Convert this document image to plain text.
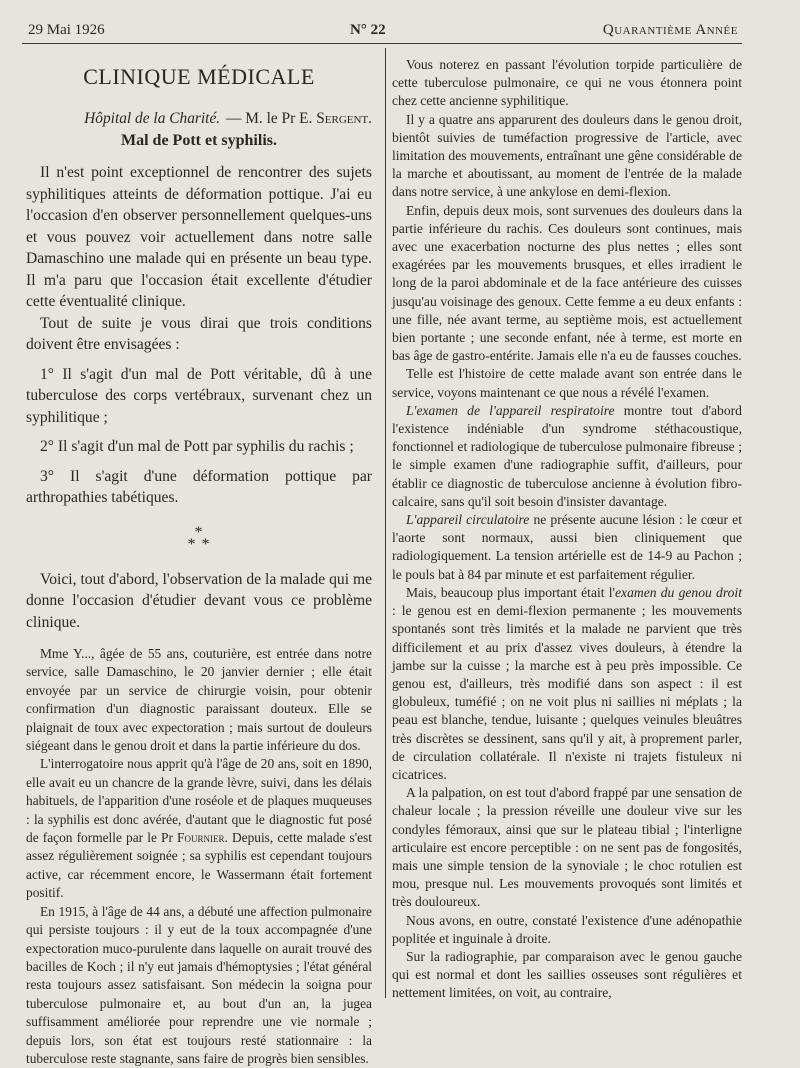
29 Mai 1926	N° 22	Quarantième Année
CLINIQUE MÉDICALE
Hôpital de la Charité. — M. le Pr E. Sergent.
Mal de Pott et syphilis.

Il n'est point exceptionnel de rencontrer des sujets syphilitiques atteints de déformation pottique. J'ai eu l'occasion d'en observer personnellement quelques-uns et vous pouvez voir actuellement dans notre salle Damaschino une malade qui en présente un beau type. Il m'a paru que l'occasion était excellente d'étudier cette éventualité clinique.

Tout de suite je vous dirai que trois conditions doivent être envisagées :

1° Il s'agit d'un mal de Pott véritable, dû à une tuberculose des corps vertébraux, survenant chez un syphilitique ;

2° Il s'agit d'un mal de Pott par syphilis du rachis ;

3° Il s'agit d'une déformation pottique par arthropathies tabétiques.

*
* *

Voici, tout d'abord, l'observation de la malade qui me donne l'occasion d'étudier devant vous ce problème clinique.

Mme Y..., âgée de 55 ans, couturière, est entrée dans notre service, salle Damaschino, le 20 janvier dernier ; elle était envoyée par un service de chirurgie voisin, pour obtenir confirmation d'un diagnostic paraissant douteux. Elle se plaignait de toux avec expectoration ; mais surtout de douleurs siégeant dans le genou droit et dans la partie inférieure du dos.

L'interrogatoire nous apprit qu'à l'âge de 20 ans, soit en 1890, elle avait eu un chancre de la grande lèvre, suivi, dans les délais habituels, de l'apparition d'une roséole et de plaques muqueuses : la syphilis est donc avérée, d'autant que le diagnostic fut posé de façon formelle par le Pr Fournier. Depuis, cette malade s'est assez régulièrement soignée ; sa syphilis est cependant toujours active, car récemment encore, le Wassermann était fortement positif.

En 1915, à l'âge de 44 ans, a débuté une affection pulmonaire qui persiste toujours : il y eut de la toux accompagnée d'une expectoration muco-purulente dans laquelle on aurait trouvé des bacilles de Koch ; il n'y eut jamais d'hémoptysies ; l'état général resta toujours assez satisfaisant. Son médecin la soigna pour tuberculose pulmonaire et, au bout d'un an, la jugea suffisamment améliorée pour reprendre une vie normale ; depuis lors, son état est toujours resté stationnaire : la tuberculose reste stagnante, sans faire de progrès bien sensibles.

Vous noterez en passant l'évolution torpide particulière de cette tuberculose pulmonaire, ce qui ne vous étonnera point chez cette ancienne syphilitique.

Il y a quatre ans apparurent des douleurs dans le genou droit, bientôt suivies de tuméfaction progressive de l'article, avec limitation des mouvements, entraînant une gêne considérable de la marche et aboutissant, au moment de l'entrée de la malade dans notre service, à une ankylose en demi-flexion.

Enfin, depuis deux mois, sont survenues des douleurs dans la partie inférieure du rachis. Ces douleurs sont continues, mais avec une exacerbation nocturne des plus nettes ; elles sont exagérées par les mouvements brusques, et elles irradient le long de la paroi abdominale et de la face antérieure des cuisses jusqu'au voisinage des genoux. Cette femme a eu deux enfants : une fille, née avant terme, au septième mois, est actuellement bien portante ; une seconde enfant, née à terme, est morte en bas âge de gastro-entérite. Jamais elle n'a eu de fausses couches.

Telle est l'histoire de cette malade avant son entrée dans le service, voyons maintenant ce que nous a révélé l'examen.

L'examen de l'appareil respiratoire montre tout d'abord l'existence indéniable d'un syndrome stéthacoustique, fonctionnel et radiologique de tuberculose pulmonaire fibreuse ; le simple examen d'une radiographie suffit, d'ailleurs, pour établir ce diagnostic de tuberculose ancienne à évolution fibro-calcaire, sans qu'il soit besoin d'insister davantage.

L'appareil circulatoire ne présente aucune lésion : le cœur et l'aorte sont normaux, aussi bien cliniquement que radiologiquement. La tension artérielle est de 14-9 au Pachon ; le pouls bat à 84 par minute et est parfaitement régulier.

Mais, beaucoup plus important était l'examen du genou droit : le genou est en demi-flexion permanente ; les mouvements spontanés sont très limités et la malade ne parvient que très difficilement et au prix d'assez vives douleurs, à étendre la jambe sur la cuisse ; la marche est à peu près impossible. Ce genou est, d'ailleurs, très modifié dans son aspect : il est globuleux, tuméfié ; on ne voit plus ni saillies ni méplats ; la peau est blanche, tendue, luisante ; quelques veinules bleuâtres très discrètes se dessinent, sans qu'il y ait, à proprement parler, de circulation collatérale. Il n'existe ni trajets fistuleux ni cicatrices.

A la palpation, on est tout d'abord frappé par une sensation de chaleur locale ; la pression réveille une douleur vive sur les condyles fémoraux, ainsi que sur le plateau tibial ; l'interligne articulaire est encore perceptible : on ne sent pas de fongosités, mais une simple tension de la synoviale ; le choc rotulien est mou, presque nul. Les mouvements provoqués sont limités et très douloureux.

Nous avons, en outre, constaté l'existence d'une adénopathie poplitée et inguinale à droite.

Sur la radiographie, par comparaison avec le genou gauche qui est normal et dont les saillies osseuses sont régulières et nettement limitées, on voit, au contraire,
